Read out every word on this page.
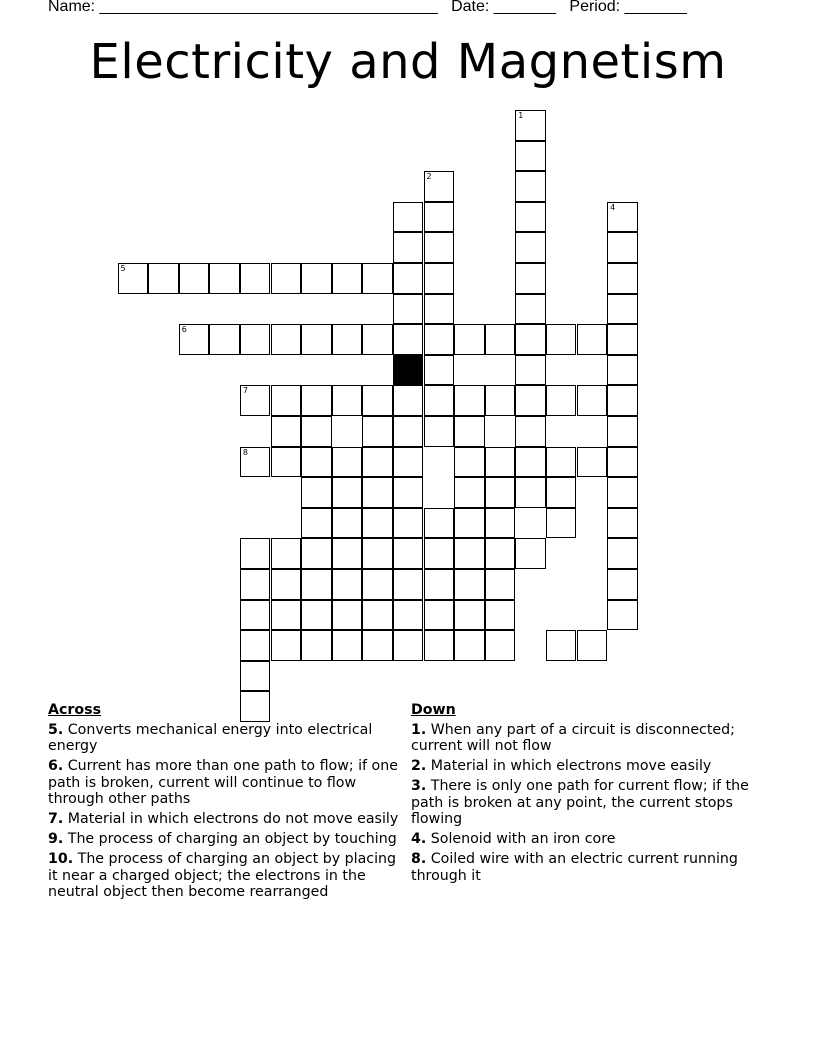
Name: ______________________________________ Date: _______ Period: _______
Electricity and Magnetism
1
2
4
5
6
7
8
Across
5. Converts mechanical energy into electrical energy
6. Current has more than one path to flow; if one path is broken, current will continue to flow through other paths
7. Material in which electrons do not move easily
9. The process of charging an object by touching
10. The process of charging an object by placing it near a charged object; the electrons in the neutral object then become rearranged
Down
1. When any part of a circuit is disconnected; current will not flow
2. Material in which electrons move easily
3. There is only one path for current flow; if the path is broken at any point, the current stops flowing
4. Solenoid with an iron core
8. Coiled wire with an electric current running through it
